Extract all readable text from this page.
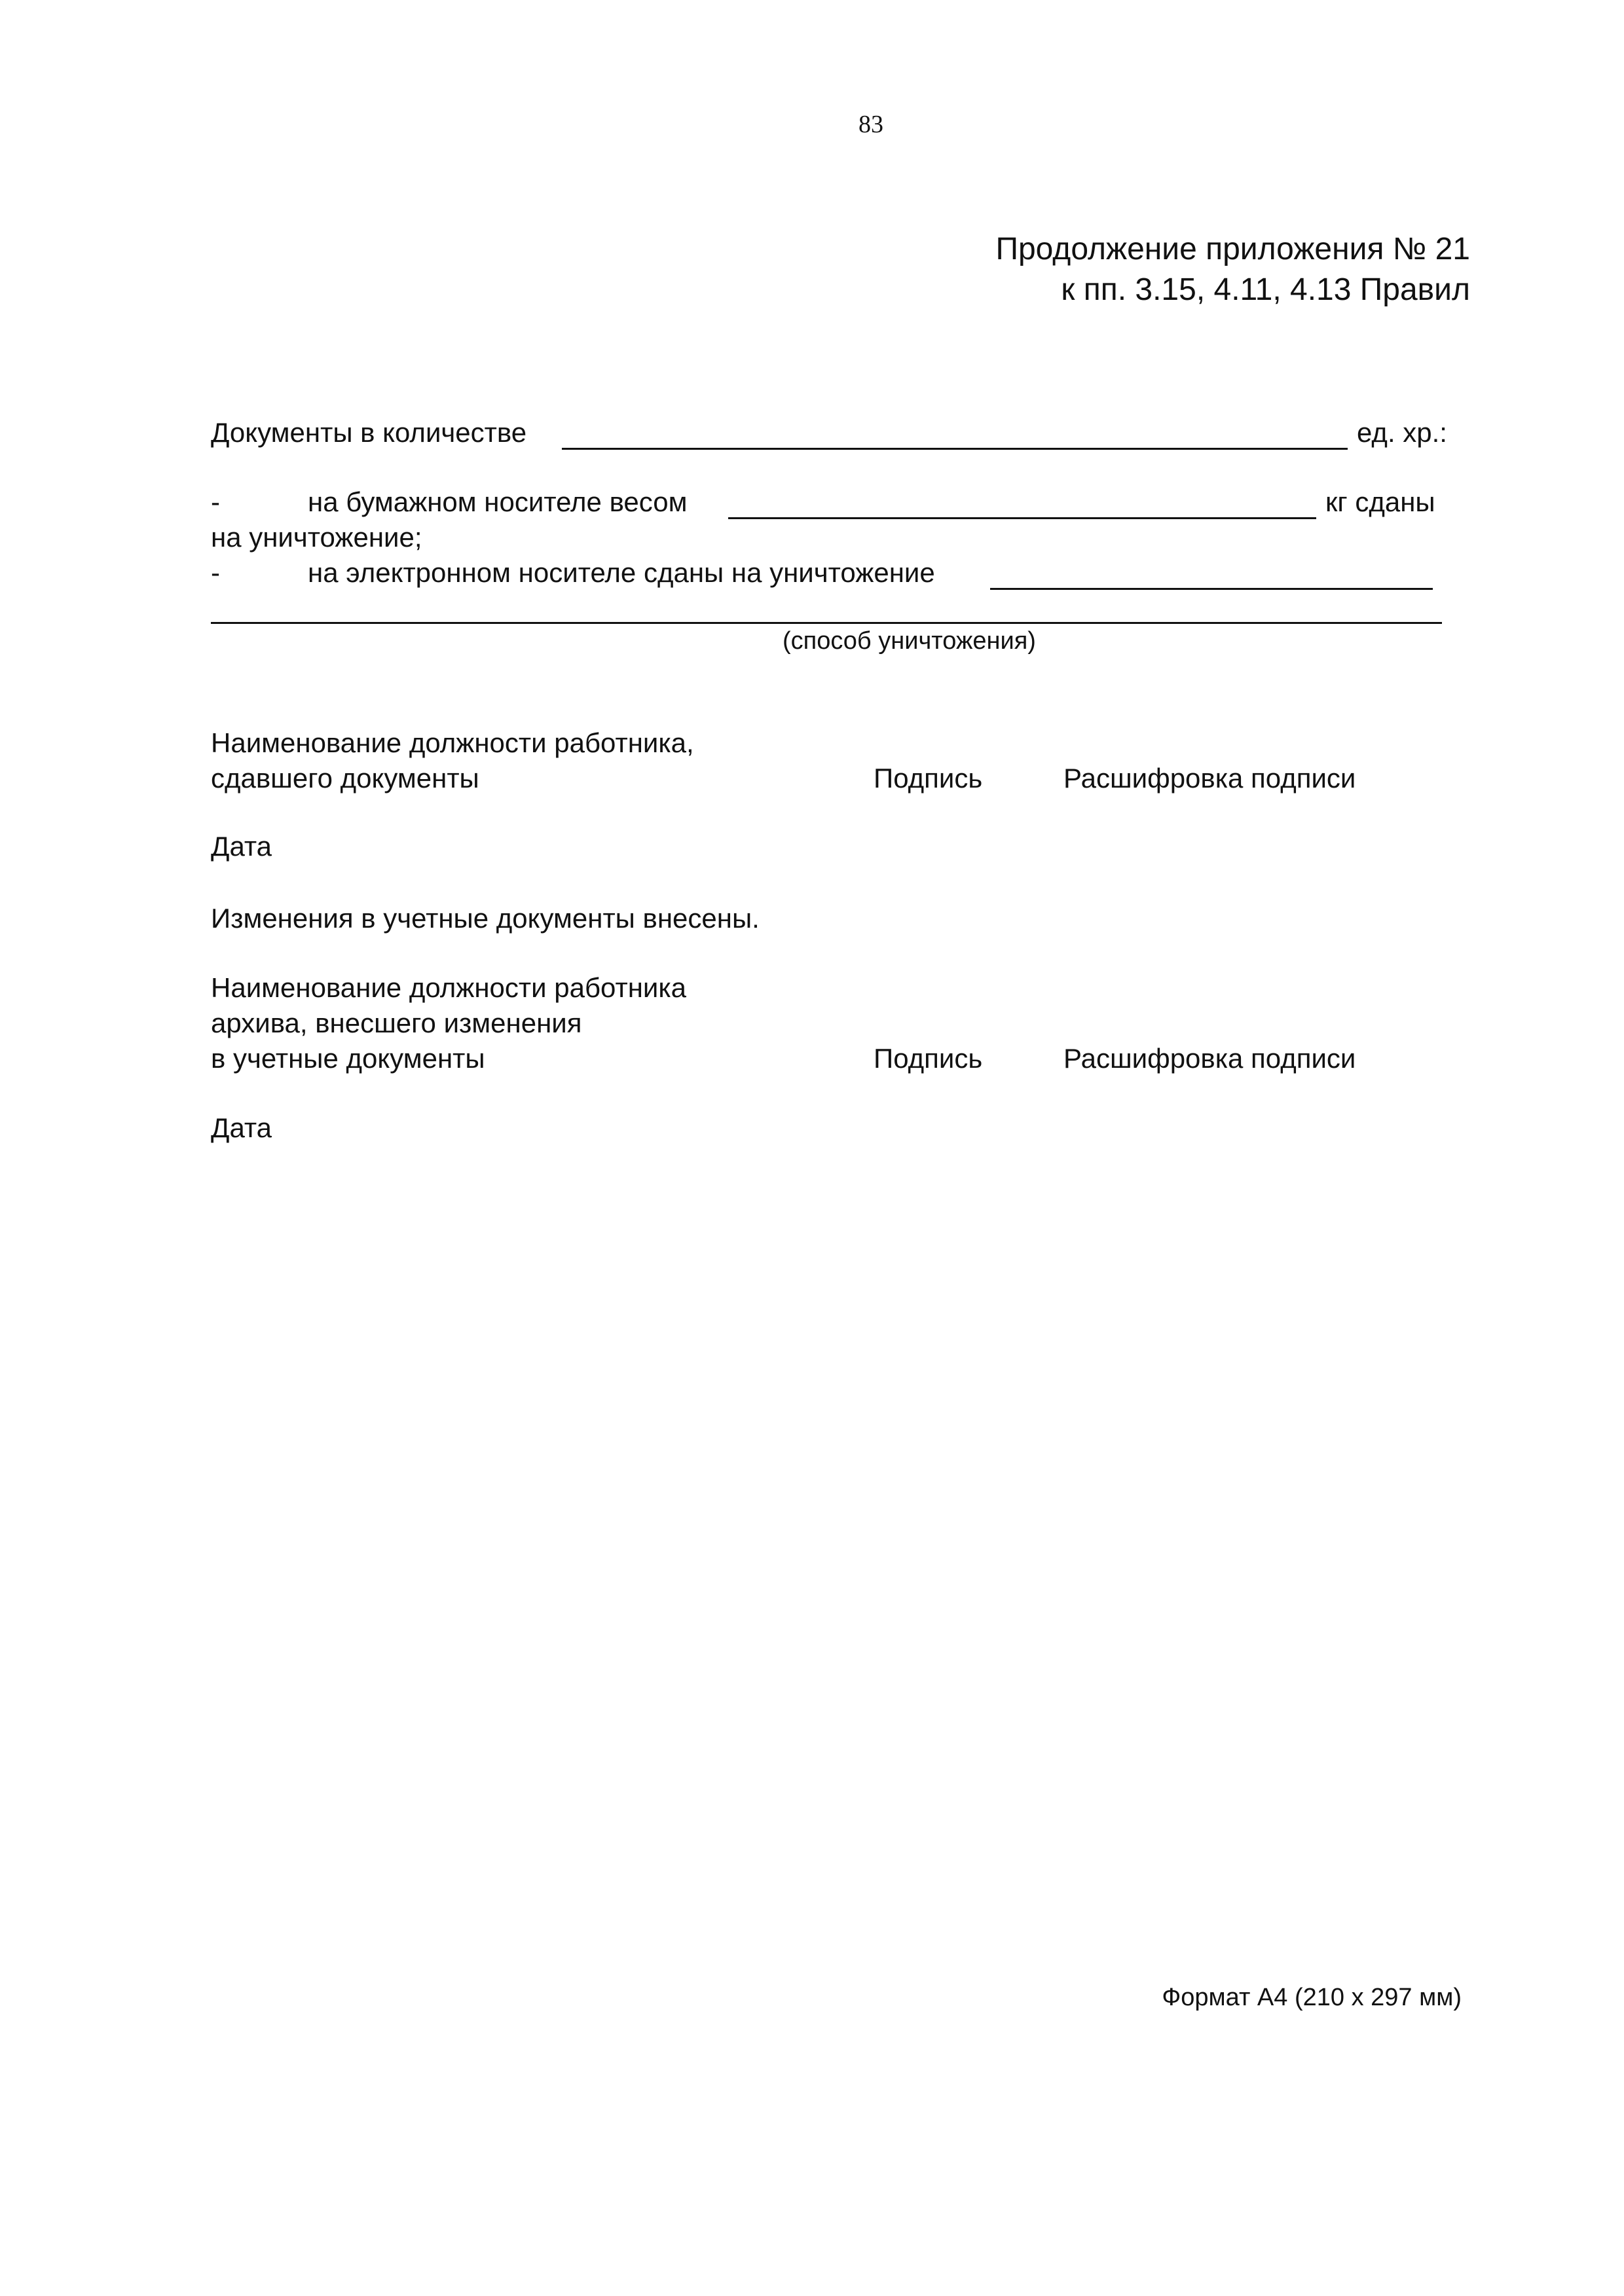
83
Продолжение приложения № 21
к пп. 3.15, 4.11, 4.13 Правил
Документы в количестве	ед. хр.:
-	на бумажном носителе весом	кг сданы
на уничтожение;
-	на электронном носителе сданы на уничтожение
(способ уничтожения)
Наименование должности работника,
сдавшего документы	Подпись	Расшифровка подписи
Дата
Изменения в учетные документы внесены.
Наименование должности работника
архива, внесшего изменения
в учетные документы	Подпись	Расшифровка подписи
Дата
Формат А4 (210 х 297 мм)
